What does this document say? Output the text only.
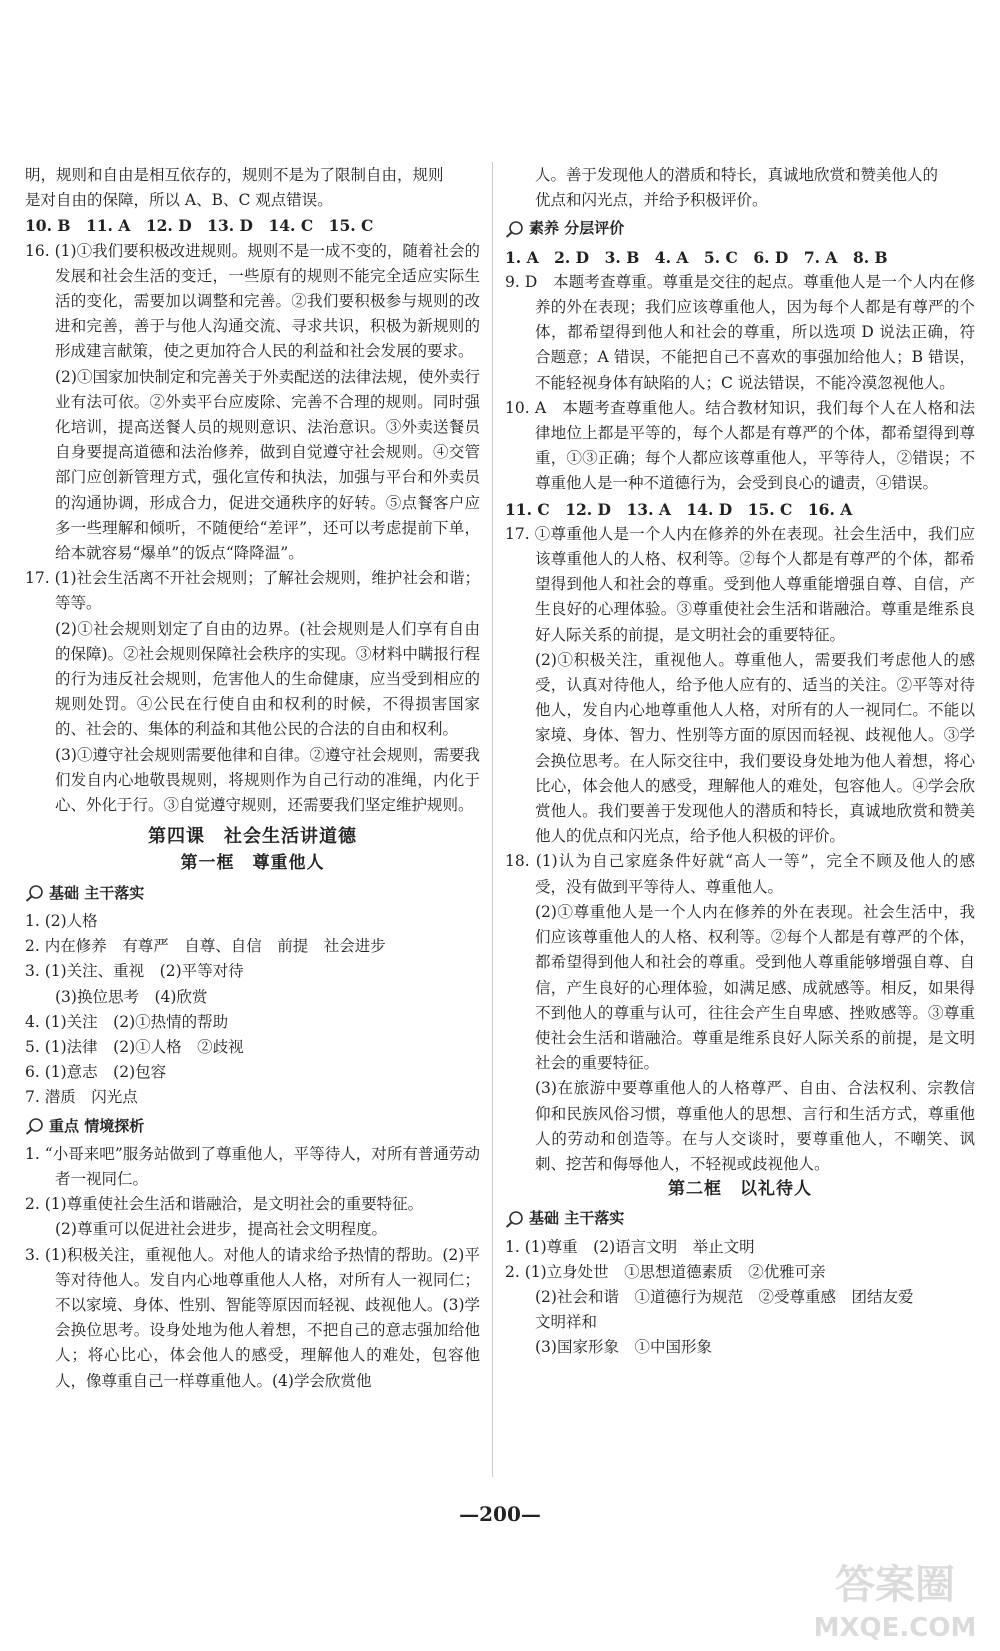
明，规则和自由是相互依存的，规则不是为了限制自由，规则

是对自由的保障，所以 A、B、C 观点错误。

10. B　11. A　12. D　13. D　14. C　15. C

16. (1)①我们要积极改进规则。规则不是一成不变的，随着社会的发展和社会生活的变迁，一些原有的规则不能完全适应实际生活的变化，需要加以调整和完善。②我们要积极参与规则的改进和完善，善于与他人沟通交流、寻求共识，积极为新规则的形成建言献策，使之更加符合人民的利益和社会发展的要求。

(2)①国家加快制定和完善关于外卖配送的法律法规，使外卖行业有法可依。②外卖平台应废除、完善不合理的规则。同时强化培训，提高送餐人员的规则意识、法治意识。③外卖送餐员自身要提高道德和法治修养，做到自觉遵守社会规则。④交管部门应创新管理方式，强化宣传和执法，加强与平台和外卖员的沟通协调，形成合力，促进交通秩序的好转。⑤点餐客户应多一些理解和倾听，不随便给“差评”，还可以考虑提前下单，给本就容易“爆单”的饭点“降降温”。

17. (1)社会生活离不开社会规则；了解社会规则，维护社会和谐；等等。

(2)①社会规则划定了自由的边界。(社会规则是人们享有自由的保障)。②社会规则保障社会秩序的实现。③材料中瞒报行程的行为违反社会规则，危害他人的生命健康，应当受到相应的规则处罚。④公民在行使自由和权利的时候，不得损害国家的、社会的、集体的利益和其他公民的合法的自由和权利。

(3)①遵守社会规则需要他律和自律。②遵守社会规则，需要我们发自内心地敬畏规则，将规则作为自己行动的准绳，内化于心、外化于行。③自觉遵守规则，还需要我们坚定维护规则。

第四课　社会生活讲道德
第一框　尊重他人
基础 主干落实

1. (2)人格

2. 内在修养　有尊严　自尊、自信　前提　社会进步

3. (1)关注、重视　(2)平等对待

(3)换位思考　(4)欣赏

4. (1)关注　(2)①热情的帮助

5. (1)法律　(2)①人格　②歧视

6. (1)意志　(2)包容

7. 潜质　闪光点

重点 情境探析

1. “小哥来吧”服务站做到了尊重他人，平等待人，对所有普通劳动者一视同仁。

2. (1)尊重使社会生活和谐融洽，是文明社会的重要特征。

(2)尊重可以促进社会进步，提高社会文明程度。

3. (1)积极关注，重视他人。对他人的请求给予热情的帮助。(2)平等对待他人。发自内心地尊重他人人格，对所有人一视同仁；不以家境、身体、性别、智能等原因而轻视、歧视他人。(3)学会换位思考。设身处地为他人着想，不把自己的意志强加给他人；将心比心，体会他人的感受，理解他人的难处，包容他人，像尊重自己一样尊重他人。(4)学会欣赏他

人。善于发现他人的潜质和特长，真诚地欣赏和赞美他人的

优点和闪光点，并给予积极评价。

素养 分层评价

1. A　2. D　3. B　4. A　5. C　6. D　7. A　8. B

9. D　本题考查尊重。尊重是交往的起点。尊重他人是一个人内在修养的外在表现；我们应该尊重他人，因为每个人都是有尊严的个体，都希望得到他人和社会的尊重，所以选项 D 说法正确，符合题意；A 错误，不能把自己不喜欢的事强加给他人；B 错误，不能轻视身体有缺陷的人；C 说法错误，不能冷漠忽视他人。

10. A　本题考查尊重他人。结合教材知识，我们每个人在人格和法律地位上都是平等的，每个人都是有尊严的个体，都希望得到尊重，①③正确；每个人都应该尊重他人，平等待人，②错误；不尊重他人是一种不道德行为，会受到良心的谴责，④错误。

11. C　12. D　13. A　14. D　15. C　16. A

17. ①尊重他人是一个人内在修养的外在表现。社会生活中，我们应该尊重他人的人格、权利等。②每个人都是有尊严的个体，都希望得到他人和社会的尊重。受到他人尊重能增强自尊、自信，产生良好的心理体验。③尊重使社会生活和谐融洽。尊重是维系良好人际关系的前提，是文明社会的重要特征。

(2)①积极关注，重视他人。尊重他人，需要我们考虑他人的感受，认真对待他人，给予他人应有的、适当的关注。②平等对待他人，发自内心地尊重他人人格，对所有的人一视同仁。不能以家境、身体、智力、性别等方面的原因而轻视、歧视他人。③学会换位思考。在人际交往中，我们要设身处地为他人着想，将心比心，体会他人的感受，理解他人的难处，包容他人。④学会欣赏他人。我们要善于发现他人的潜质和特长，真诚地欣赏和赞美他人的优点和闪光点，给予他人积极的评价。

18. (1)认为自己家庭条件好就“高人一等”，完全不顾及他人的感受，没有做到平等待人、尊重他人。

(2)①尊重他人是一个人内在修养的外在表现。社会生活中，我们应该尊重他人的人格、权利等。②每个人都是有尊严的个体，都希望得到他人和社会的尊重。受到他人尊重能够增强自尊、自信，产生良好的心理体验，如满足感、成就感等。相反，如果得不到他人的尊重与认可，往往会产生自卑感、挫败感等。③尊重使社会生活和谐融洽。尊重是维系良好人际关系的前提，是文明社会的重要特征。

(3)在旅游中要尊重他人的人格尊严、自由、合法权利、宗教信仰和民族风俗习惯，尊重他人的思想、言行和生活方式，尊重他人的劳动和创造等。在与人交谈时，要尊重他人，不嘲笑、讽刺、挖苦和侮辱他人，不轻视或歧视他人。

第二框　以礼待人
基础 主干落实

1. (1)尊重　(2)语言文明　举止文明

2. (1)立身处世　①思想道德素质　②优雅可亲

(2)社会和谐　①道德行为规范　②受尊重感　团结友爱

文明祥和

(3)国家形象　①中国形象

—200—
答案圈
MXQE.COM
